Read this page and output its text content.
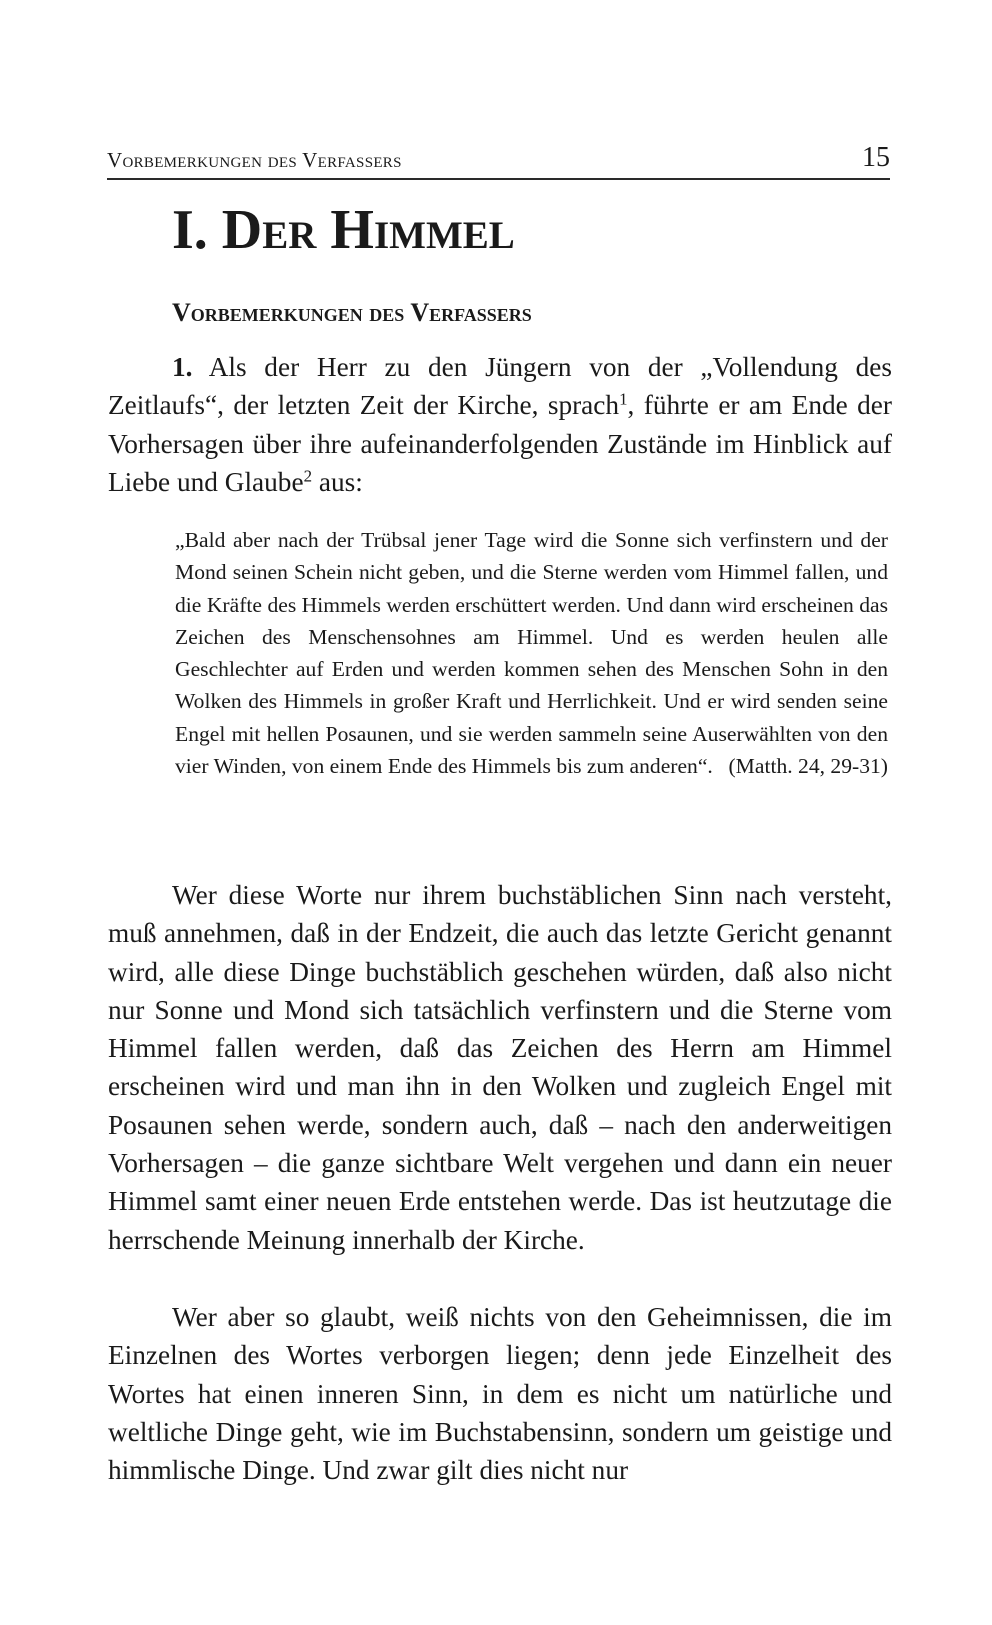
Vorbemerkungen des Verfassers	15
I. Der Himmel
Vorbemerkungen des Verfassers

1. Als der Herr zu den Jüngern von der „Vollendung des Zeitlaufs“, der letzten Zeit der Kirche, sprach$^1$, führte er am Ende der Vorhersagen über ihre aufeinanderfolgenden Zustände im Hinblick auf Liebe und Glaube$^2$ aus:

„Bald aber nach der Trübsal jener Tage wird die Sonne sich verfinstern und der Mond seinen Schein nicht geben, und die Sterne werden vom Himmel fallen, und die Kräfte des Himmels werden erschüttert werden. Und dann wird erscheinen das Zeichen des Menschensohnes am Himmel. Und es werden heulen alle Geschlechter auf Erden und werden kommen sehen des Menschen Sohn in den Wolken des Himmels in großer Kraft und Herrlichkeit. Und er wird senden seine Engel mit hellen Posaunen, und sie werden sammeln seine Auserwählten von den vier Winden, von einem Ende des Himmels bis zum anderen“. (Matth. 24, 29-31)

Wer diese Worte nur ihrem buchstäblichen Sinn nach versteht, muß annehmen, daß in der Endzeit, die auch das letzte Gericht genannt wird, alle diese Dinge buchstäblich geschehen würden, daß also nicht nur Sonne und Mond sich tatsächlich verfinstern und die Sterne vom Himmel fallen werden, daß das Zeichen des Herrn am Himmel erscheinen wird und man ihn in den Wolken und zugleich Engel mit Posaunen sehen werde, sondern auch, daß – nach den anderweitigen Vorhersagen – die ganze sichtbare Welt vergehen und dann ein neuer Himmel samt einer neuen Erde entstehen werde. Das ist heutzutage die herrschende Meinung innerhalb der Kirche.

Wer aber so glaubt, weiß nichts von den Geheimnissen, die im Einzelnen des Wortes verborgen liegen; denn jede Einzelheit des Wortes hat einen inneren Sinn, in dem es nicht um natürliche und weltliche Dinge geht, wie im Buchstabensinn, sondern um geistige und himmlische Dinge. Und zwar gilt dies nicht nur
